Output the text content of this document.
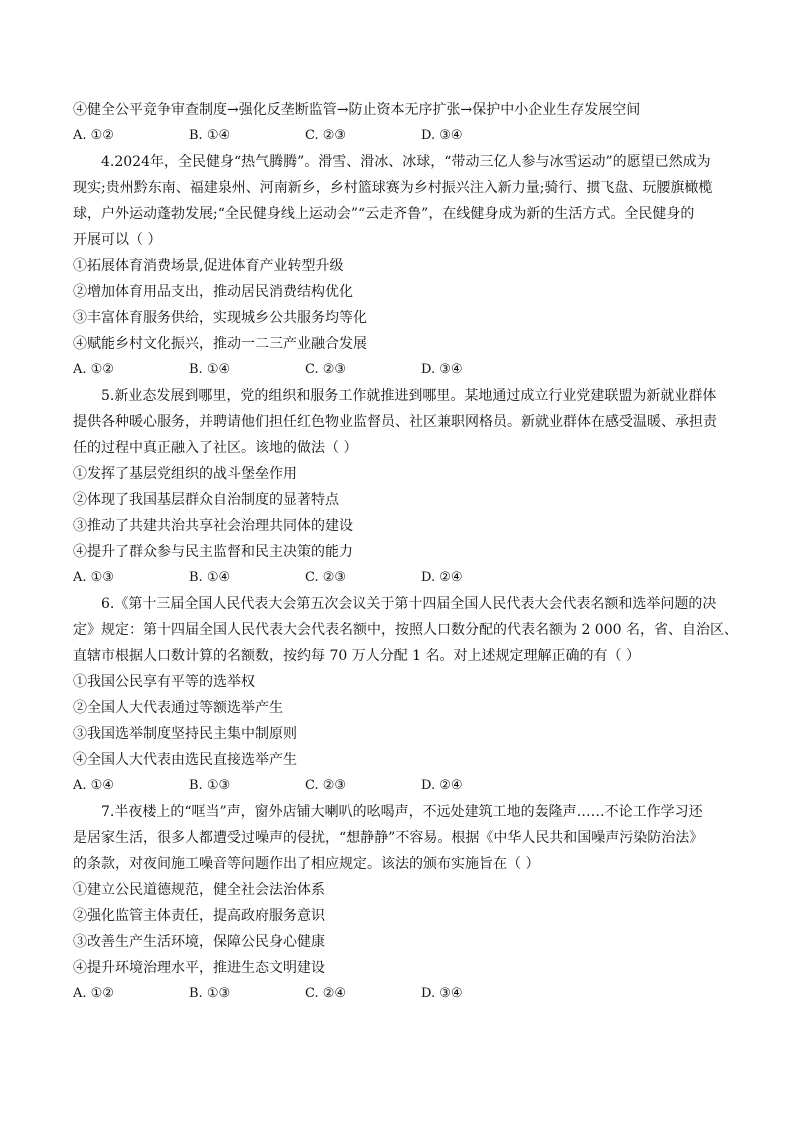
④健全公平竞争审查制度→强化反垄断监管→防止资本无序扩张→保护中小企业生存发展空间
A. ①②	B. ①④	C. ②③	D. ③④
4.2024年，全民健身“热气腾腾”。滑雪、滑冰、冰球，“带动三亿人参与冰雪运动”的愿望已然成为
现实;贵州黔东南、福建泉州、河南新乡，乡村篮球赛为乡村振兴注入新力量;骑行、掼飞盘、玩腰旗橄榄
球，户外运动蓬勃发展;“全民健身线上运动会”“云走齐鲁”，在线健身成为新的生活方式。全民健身的
开展可以（ ）
①拓展体育消费场景,促进体育产业转型升级
②增加体育用品支出，推动居民消费结构优化
③丰富体育服务供给，实现城乡公共服务均等化
④赋能乡村文化振兴，推动一二三产业融合发展
A. ①②	B. ①④	C. ②③	D. ③④
5.新业态发展到哪里，党的组织和服务工作就推进到哪里。某地通过成立行业党建联盟为新就业群体
提供各种暖心服务，并聘请他们担任红色物业监督员、社区兼职网格员。新就业群体在感受温暖、承担责
任的过程中真正融入了社区。该地的做法（ ）
①发挥了基层党组织的战斗堡垒作用
②体现了我国基层群众自治制度的显著特点
③推动了共建共治共享社会治理共同体的建设
④提升了群众参与民主监督和民主决策的能力
A. ①③	B. ①④	C. ②③	D. ②④
6.《第十三届全国人民代表大会第五次会议关于第十四届全国人民代表大会代表名额和选举问题的决
定》规定：第十四届全国人民代表大会代表名额中，按照人口数分配的代表名额为 2 000 名，省、自治区、
直辖市根据人口数计算的名额数，按约每 70 万人分配 1 名。对上述规定理解正确的有（ ）
①我国公民享有平等的选举权
②全国人大代表通过等额选举产生
③我国选举制度坚持民主集中制原则
④全国人大代表由选民直接选举产生
A. ①④	B. ①③	C. ②③	D. ②④
7.半夜楼上的“哐当”声，窗外店铺大喇叭的吆喝声，不远处建筑工地的轰隆声……不论工作学习还
是居家生活，很多人都遭受过噪声的侵扰，“想静静”不容易。根据《中华人民共和国噪声污染防治法》
的条款，对夜间施工噪音等问题作出了相应规定。该法的颁布实施旨在（ ）
①建立公民道德规范，健全社会法治体系
②强化监管主体责任，提高政府服务意识
③改善生产生活环境，保障公民身心健康
④提升环境治理水平，推进生态文明建设
A. ①②	B. ①③	C. ②④	D. ③④
